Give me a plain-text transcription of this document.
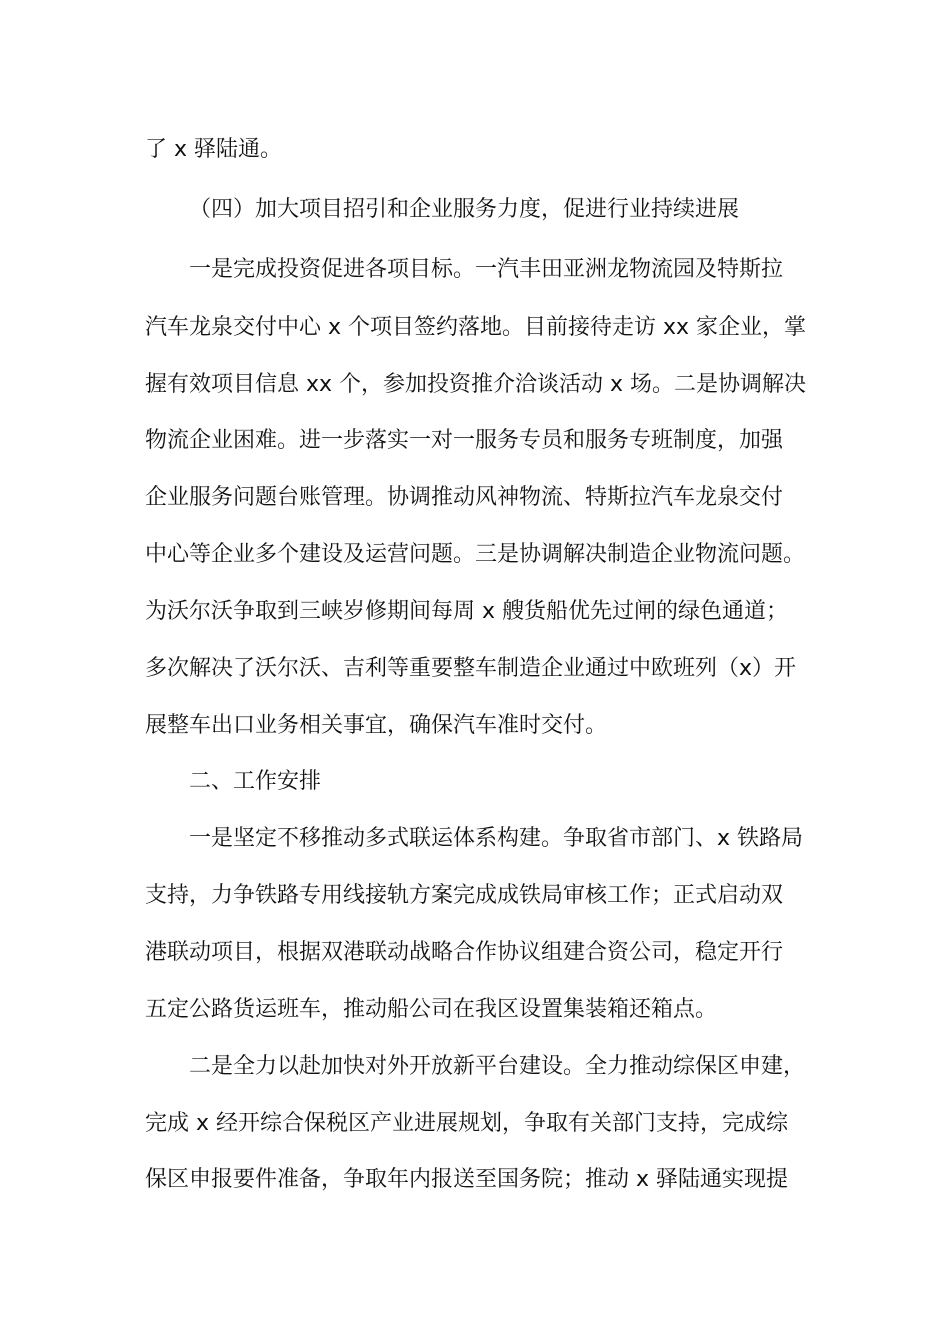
了 x 驿陆通。
（四）加大项目招引和企业服务力度，促进行业持续进展
一是完成投资促进各项目标。一汽丰田亚洲龙物流园及特斯拉
汽车龙泉交付中心 x 个项目签约落地。目前接待走访 xx 家企业，掌
握有效项目信息 xx 个，参加投资推介洽谈活动 x 场。二是协调解决
物流企业困难。进一步落实一对一服务专员和服务专班制度，加强
企业服务问题台账管理。协调推动风神物流、特斯拉汽车龙泉交付
中心等企业多个建设及运营问题。三是协调解决制造企业物流问题。
为沃尔沃争取到三峡岁修期间每周 x 艘货船优先过闸的绿色通道；
多次解决了沃尔沃、吉利等重要整车制造企业通过中欧班列（x）开
展整车出口业务相关事宜，确保汽车准时交付。
二、工作安排
一是坚定不移推动多式联运体系构建。争取省市部门、x 铁路局
支持，力争铁路专用线接轨方案完成成铁局审核工作；正式启动双
港联动项目，根据双港联动战略合作协议组建合资公司，稳定开行
五定公路货运班车，推动船公司在我区设置集装箱还箱点。
二是全力以赴加快对外开放新平台建设。全力推动综保区申建，
完成 x 经开综合保税区产业进展规划，争取有关部门支持，完成综
保区申报要件准备，争取年内报送至国务院；推动 x 驿陆通实现提
